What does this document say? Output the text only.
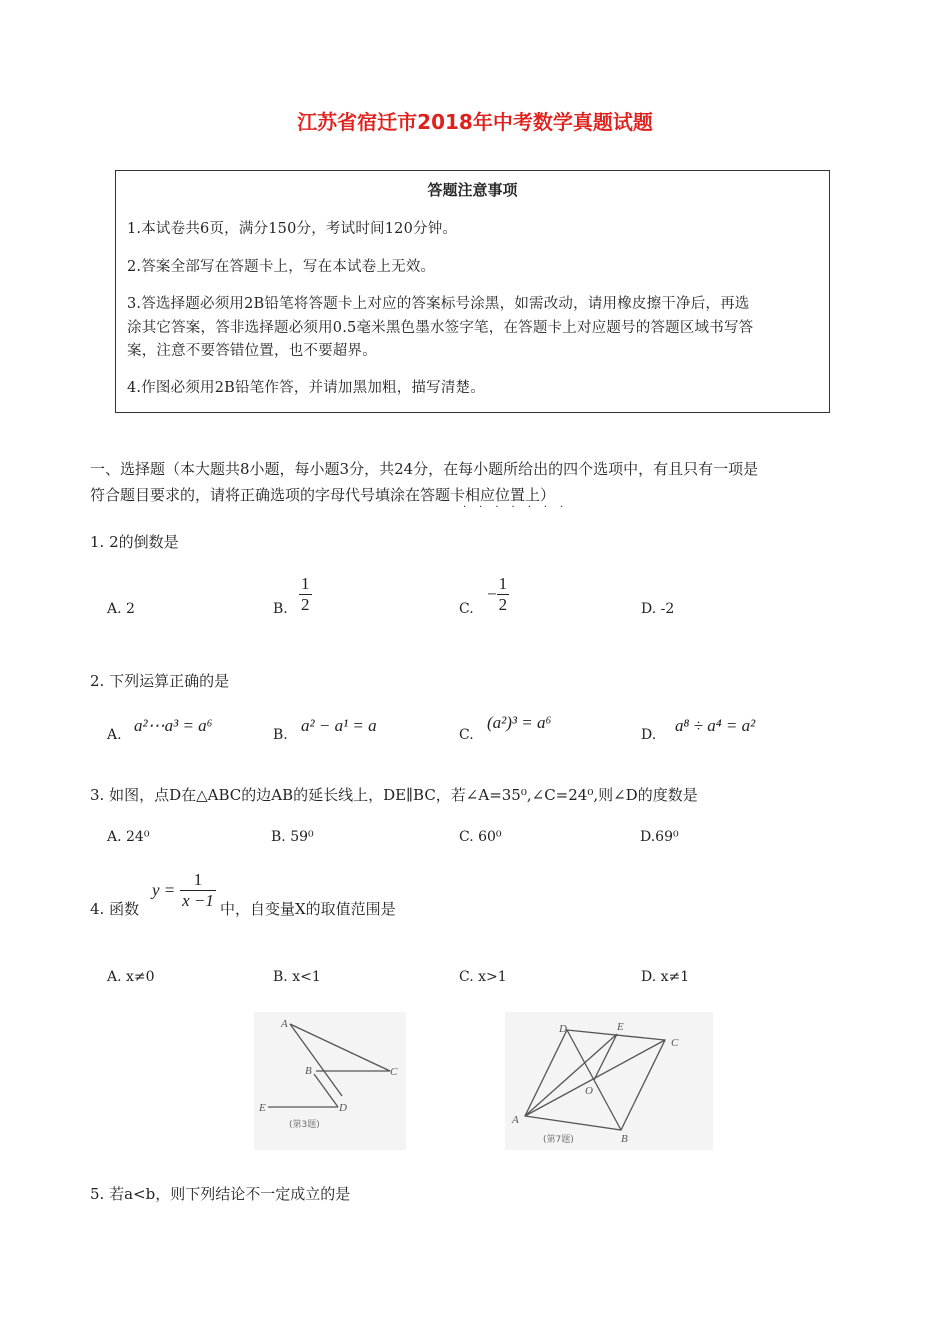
江苏省宿迁市2018年中考数学真题试题
答题注意事项
1.本试卷共6页，满分150分，考试时间120分钟。
2.答案全部写在答题卡上，写在本试卷上无效。
3.答选择题必须用2B铅笔将答题卡上对应的答案标号涂黑，如需改动，请用橡皮擦干净后，再选
涂其它答案，答非选择题必须用0.5毫米黑色墨水签字笔，在答题卡上对应题号的答题区域书写答
案，注意不要答错位置，也不要超界。
4.作图必须用2B铅笔作答，并请加黑加粗，描写清楚。
一、选择题（本大题共8小题，每小题3分，共24分，在每小题所给出的四个选项中，有且只有一项是
符合题目要求的，请将正确选项的字母代号填涂在答题卡相应位置上）
·······
1. 2的倒数是
A. 2	B. $\frac{1}{2}$	C.
− $\frac{1}{2}$	D. -2
2. 下列运算正确的是
A. a²⋯a³ = a⁶	B. a² − a¹ = a	C.
(a²)³ = a⁶
D. a⁸ ÷ a⁴ = a²
3. 如图，点D在△ABC的边AB的延长线上，DE∥BC，若∠A=35⁰,∠C=24⁰,则∠D的度数是
A. 24⁰	B. 59⁰	C. 60⁰	D.69⁰
4. 函数
$y = \frac{1}{x -1}$ 中，自变量X的取值范围是
A. x≠0	B. x<1	C. x>1	D. x≠1
A
B	C
D
E
(第3题)	A
B
C
D	E
O
(第7题)
5. 若a<b，则下列结论不一定成立的是
